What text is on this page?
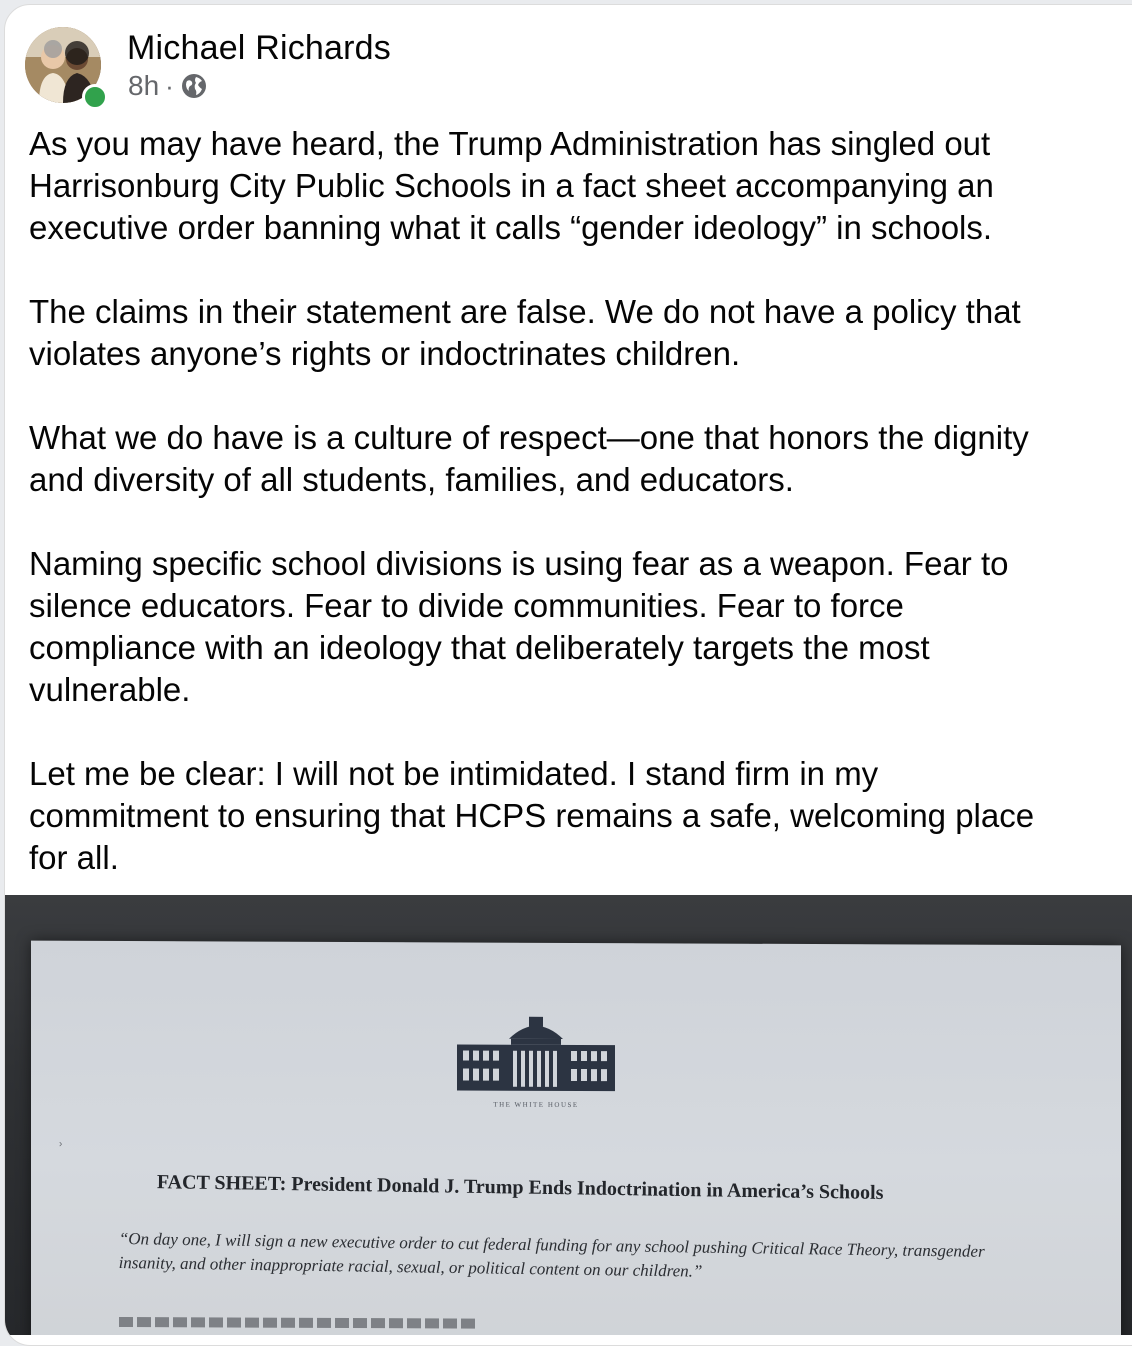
Michael Richards
8h ·

As you may have heard, the Trump Administration has singled out
Harrisonburg City Public Schools in a fact sheet accompanying an
executive order banning what it calls “gender ideology” in schools.

The claims in their statement are false. We do not have a policy that
violates anyone’s rights or indoctrinates children.

What we do have is a culture of respect—one that honors the dignity
and diversity of all students, families, and educators.

Naming specific school divisions is using fear as a weapon. Fear to
silence educators. Fear to divide communities. Fear to force
compliance with an ideology that deliberately targets the most
vulnerable.

Let me be clear: I will not be intimidated. I stand firm in my
commitment to ensuring that HCPS remains a safe, welcoming place
for all.

›
THE WHITE HOUSE
FACT SHEET: President Donald J. Trump Ends Indoctrination in America’s Schools
“On day one, I will sign a new executive order to cut federal funding for any school pushing Critical Race Theory, transgender insanity, and other inappropriate racial, sexual, or political content on our children.”
